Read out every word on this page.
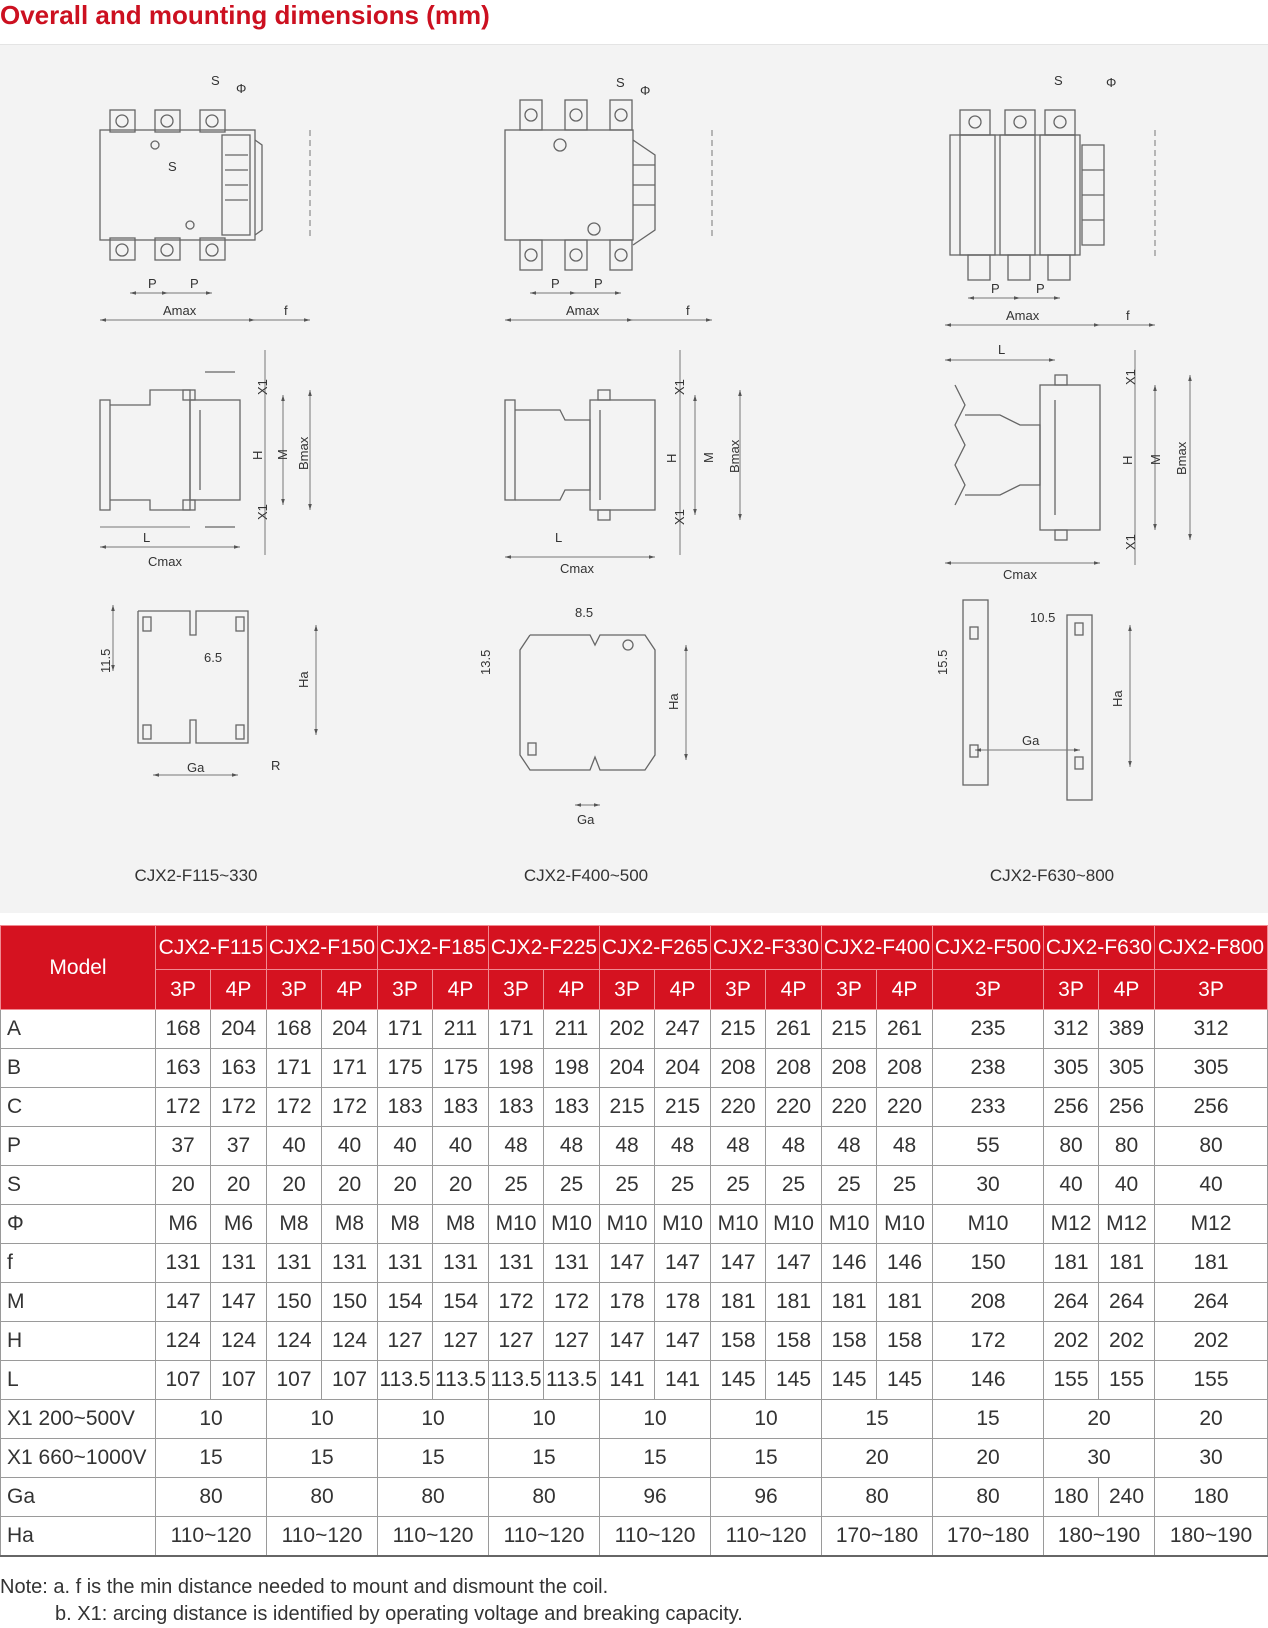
Overall and mounting dimensions (mm)
S
Φ
S
P	P
Amax	f
L
Cmax
X1
X1
H M Bmax
11.5	6.5
Ha
Ga	R
S
Φ
P	P
Amax	f
L
Cmax
X1
X1
H M Bmax
13.5
8.5
Ha
Ga
S	Φ
P	P
Amax	f
L
Cmax
X1
X1
H M Bmax
15.5
10.5
Ha
Ga
CJX2-F115~330	CJX2-F400~500	CJX2-F630~800
Model	CJX2-F115		CJX2-F150		CJX2-F185		CJX2-F225		CJX2-F265		CJX2-F330		CJX2-F400		CJX2-F500	CJX2-F630		CJX2-F800
	3P	4P	3P	4P	3P	4P	3P	4P	3P	4P	3P	4P	3P	4P	3P	3P	4P	3P
A	168	204	168	204	171	211	171	211	202	247	215	261	215	261	235	312	389	312
B	163	163	171	171	175	175	198	198	204	204	208	208	208	208	238	305	305	305
C	172	172	172	172	183	183	183	183	215	215	220	220	220	220	233	256	256	256
P	37	37	40	40	40	40	48	48	48	48	48	48	48	48	55	80	80	80
S	20	20	20	20	20	20	25	25	25	25	25	25	25	25	30	40	40	40
Φ	M6	M6	M8	M8	M8	M8	M10	M10	M10	M10	M10	M10	M10	M10	M10	M12	M12	M12
f	131	131	131	131	131	131	131	131	147	147	147	147	146	146	150	181	181	181
M	147	147	150	150	154	154	172	172	178	178	181	181	181	181	208	264	264	264
H	124	124	124	124	127	127	127	127	147	147	158	158	158	158	172	202	202	202
L	107	107	107	107	113.5	113.5	113.5	113.5	141	141	145	145	145	145	146	155	155	155
X1 200~500V	10		10		10		10		10		10		15		15	20		20
X1 660~1000V	15		15		15		15		15		15		20		20	30		30
Ga	80		80		80		80		96		96		80		80	180	240	180
Ha	110~120		110~120		110~120		110~120		110~120		110~120		170~180		170~180	180~190		180~190
Note: a. f is the min distance needed to mount and dismount the coil.
b. X1: arcing distance is identified by operating voltage and breaking capacity.
